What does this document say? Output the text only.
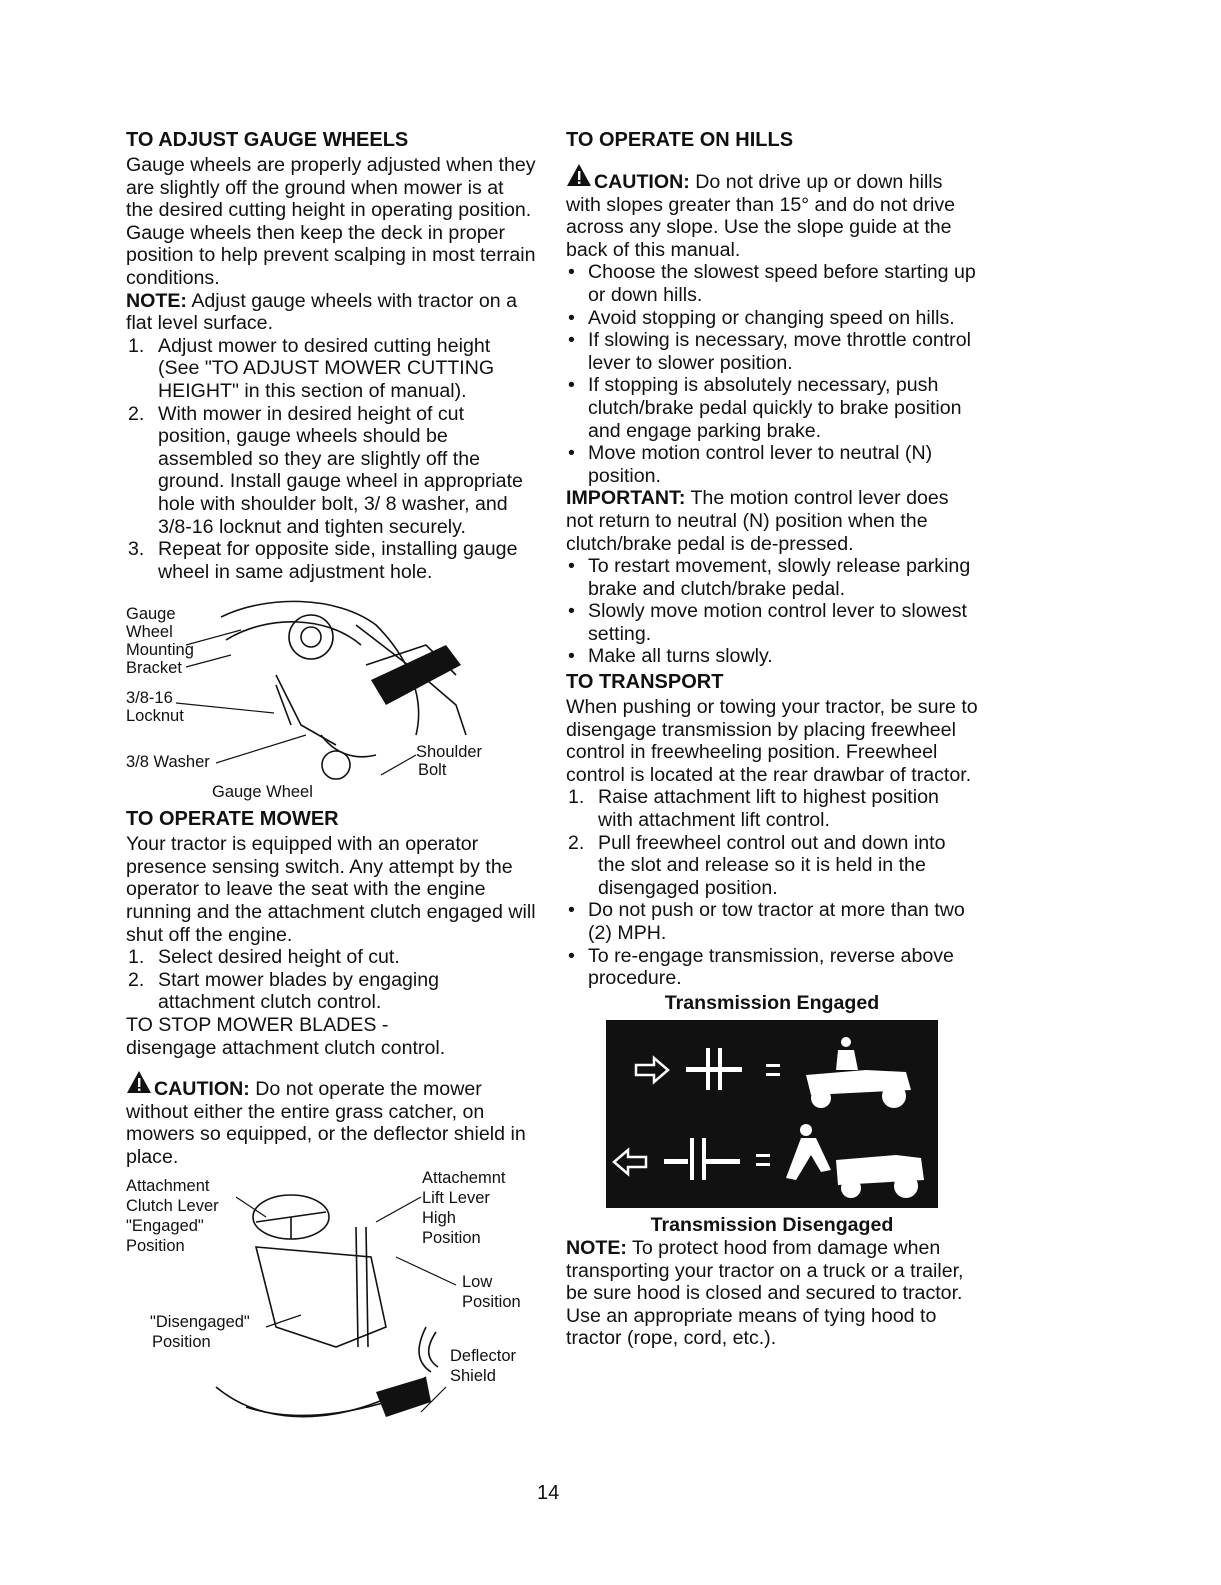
TO ADJUST GAUGE WHEELS

Gauge wheels are properly adjusted when they are slightly off the ground when mower is at the desired cutting height in operating position. Gauge wheels then keep the deck in proper position to help prevent scalping in most terrain conditions.

NOTE: Adjust gauge wheels with tractor on a flat level surface.

1. Adjust mower to desired cutting height (See "TO ADJUST MOWER CUTTING HEIGHT" in this section of manual).
2. With mower in desired height of cut position, gauge wheels should be assembled so they are slightly off the ground. Install gauge wheel in appropriate hole with shoulder bolt, 3/ 8 washer, and 3/8-16 locknut and tighten securely.
3. Repeat for opposite side, installing gauge wheel in same adjustment hole.
Gauge
Wheel
Mounting
Bracket
3/8-16
Locknut
3/8 Washer
Shoulder
Bolt
Gauge Wheel
TO OPERATE MOWER

Your tractor is equipped with an operator presence sensing switch. Any attempt by the operator to leave the seat with the engine running and the attachment clutch engaged will shut off the engine.

1. Select desired height of cut.
2. Start mower blades by engaging attachment clutch control.

TO STOP MOWER BLADES -

disengage attachment clutch control.

CAUTION: Do not operate the mower without either the entire grass catcher, on mowers so equipped, or the deflector shield in place.

Attachment
Clutch Lever
"Engaged"
Position
Attachemnt
Lift Lever
High
Position
Low
Position
"Disengaged"
Position
Deflector
Shield
TO OPERATE ON HILLS

CAUTION: Do not drive up or down hills with slopes greater than 15° and do not drive across any slope. Use the slope guide at the back of this manual.

• Choose the slowest speed before starting up or down hills.
• Avoid stopping or changing speed on hills.
• If slowing is necessary, move throttle control lever to slower position.
• If stopping is absolutely necessary, push clutch/brake pedal quickly to brake position and engage parking brake.
• Move motion control lever to neutral (N) position.

IMPORTANT: The motion control lever does not return to neutral (N) position when the clutch/brake pedal is de-pressed.

• To restart movement, slowly release parking brake and clutch/brake pedal.
• Slowly move motion control lever to slowest setting.
• Make all turns slowly.
TO TRANSPORT

When pushing or towing your tractor, be sure to disengage transmission by placing freewheel control in freewheeling position. Freewheel control is located at the rear drawbar of tractor.

1. Raise attachment lift to highest position with attachment lift control.
2. Pull freewheel control out and down into the slot and release so it is held in the disengaged position.
• Do not push or tow tractor at more than two (2) MPH.
• To re-engage transmission, reverse above procedure.
Transmission Engaged
Transmission Disengaged

NOTE: To protect hood from damage when transporting your tractor on a truck or a trailer, be sure hood is closed and secured to tractor. Use an appropriate means of tying hood to tractor (rope, cord, etc.).

14
